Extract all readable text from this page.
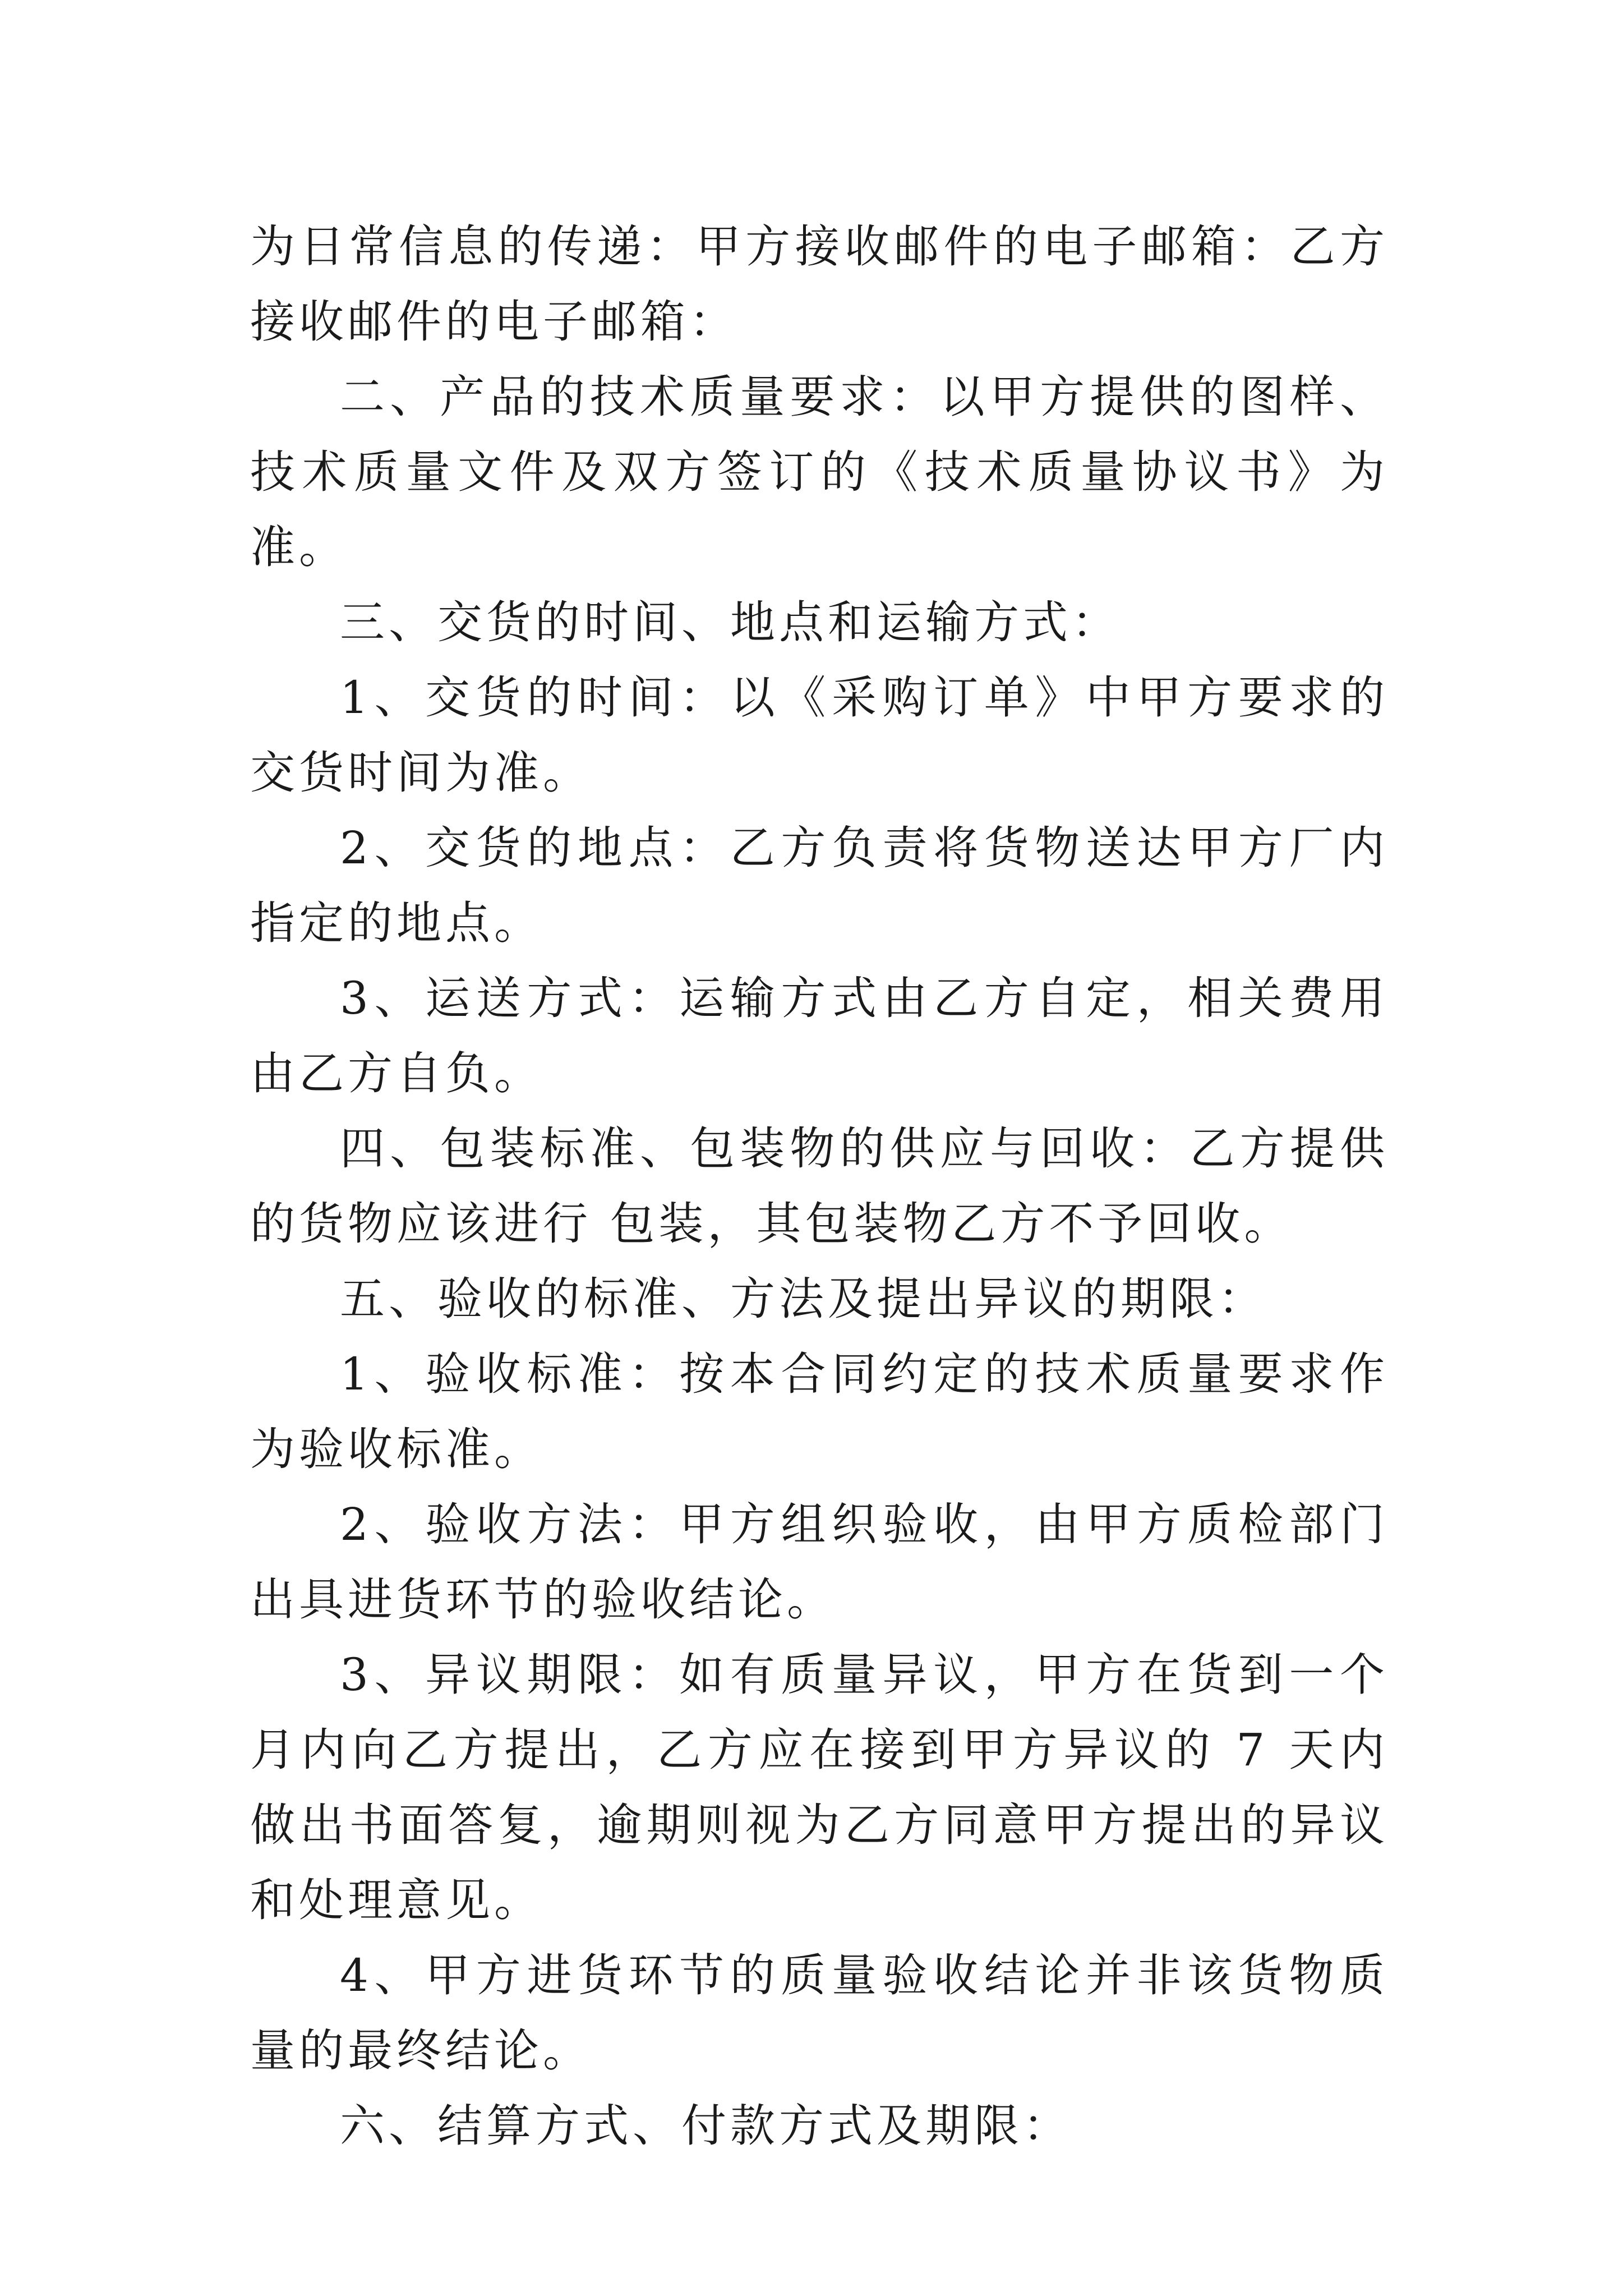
为日常信息的传递：甲方接收邮件的电子邮箱：乙方接收邮件的电子邮箱：

二、产品的技术质量要求：以甲方提供的图样、技术质量文件及双方签订的《技术质量协议书》为准。

三、交货的时间、地点和运输方式：

1、交货的时间：以《采购订单》中甲方要求的交货时间为准。

2、交货的地点：乙方负责将货物送达甲方厂内指定的地点。

3、运送方式：运输方式由乙方自定，相关费用由乙方自负。

四、包装标准、包装物的供应与回收：乙方提供的货物应该进行 包装，其包装物乙方不予回收。

五、验收的标准、方法及提出异议的期限：

1、验收标准：按本合同约定的技术质量要求作为验收标准。

2、验收方法：甲方组织验收，由甲方质检部门出具进货环节的验收结论。

3、异议期限：如有质量异议，甲方在货到一个月内向乙方提出，乙方应在接到甲方异议的 7 天内做出书面答复，逾期则视为乙方同意甲方提出的异议和处理意见。

4、甲方进货环节的质量验收结论并非该货物质量的最终结论。

六、结算方式、付款方式及期限：
